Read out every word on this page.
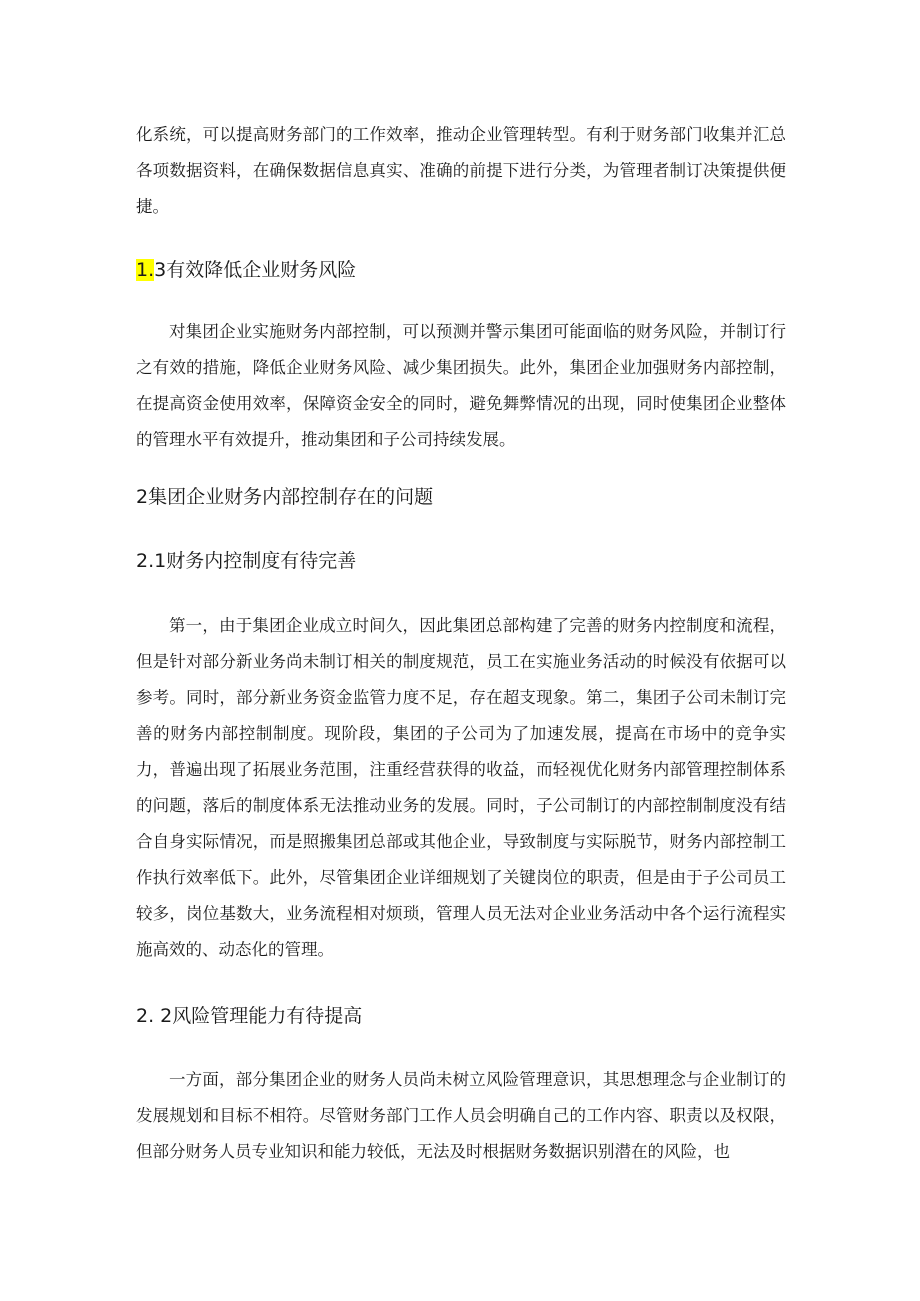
化系统，可以提高财务部门的工作效率，推动企业管理转型。有利于财务部门收集并汇总各项数据资料，在确保数据信息真实、准确的前提下进行分类，为管理者制订决策提供便捷。

1.3有效降低企业财务风险

对集团企业实施财务内部控制，可以预测并警示集团可能面临的财务风险，并制订行之有效的措施，降低企业财务风险、减少集团损失。此外，集团企业加强财务内部控制，在提高资金使用效率，保障资金安全的同时，避免舞弊情况的出现，同时使集团企业整体的管理水平有效提升，推动集团和子公司持续发展。

2集团企业财务内部控制存在的问题
2.1财务内控制度有待完善

第一，由于集团企业成立时间久，因此集团总部构建了完善的财务内控制度和流程，但是针对部分新业务尚未制订相关的制度规范，员工在实施业务活动的时候没有依据可以参考。同时，部分新业务资金监管力度不足，存在超支现象。第二，集团子公司未制订完善的财务内部控制制度。现阶段，集团的子公司为了加速发展，提高在市场中的竞争实力，普遍出现了拓展业务范围，注重经营获得的收益，而轻视优化财务内部管理控制体系的问题，落后的制度体系无法推动业务的发展。同时，子公司制订的内部控制制度没有结合自身实际情况，而是照搬集团总部或其他企业，导致制度与实际脱节，财务内部控制工作执行效率低下。此外，尽管集团企业详细规划了关键岗位的职责，但是由于子公司员工较多，岗位基数大，业务流程相对烦琐，管理人员无法对企业业务活动中各个运行流程实施高效的、动态化的管理。

2. 2风险管理能力有待提高

一方面，部分集团企业的财务人员尚未树立风险管理意识，其思想理念与企业制订的发展规划和目标不相符。尽管财务部门工作人员会明确自己的工作内容、职责以及权限，但部分财务人员专业知识和能力较低，无法及时根据财务数据识别潜在的风险，也
